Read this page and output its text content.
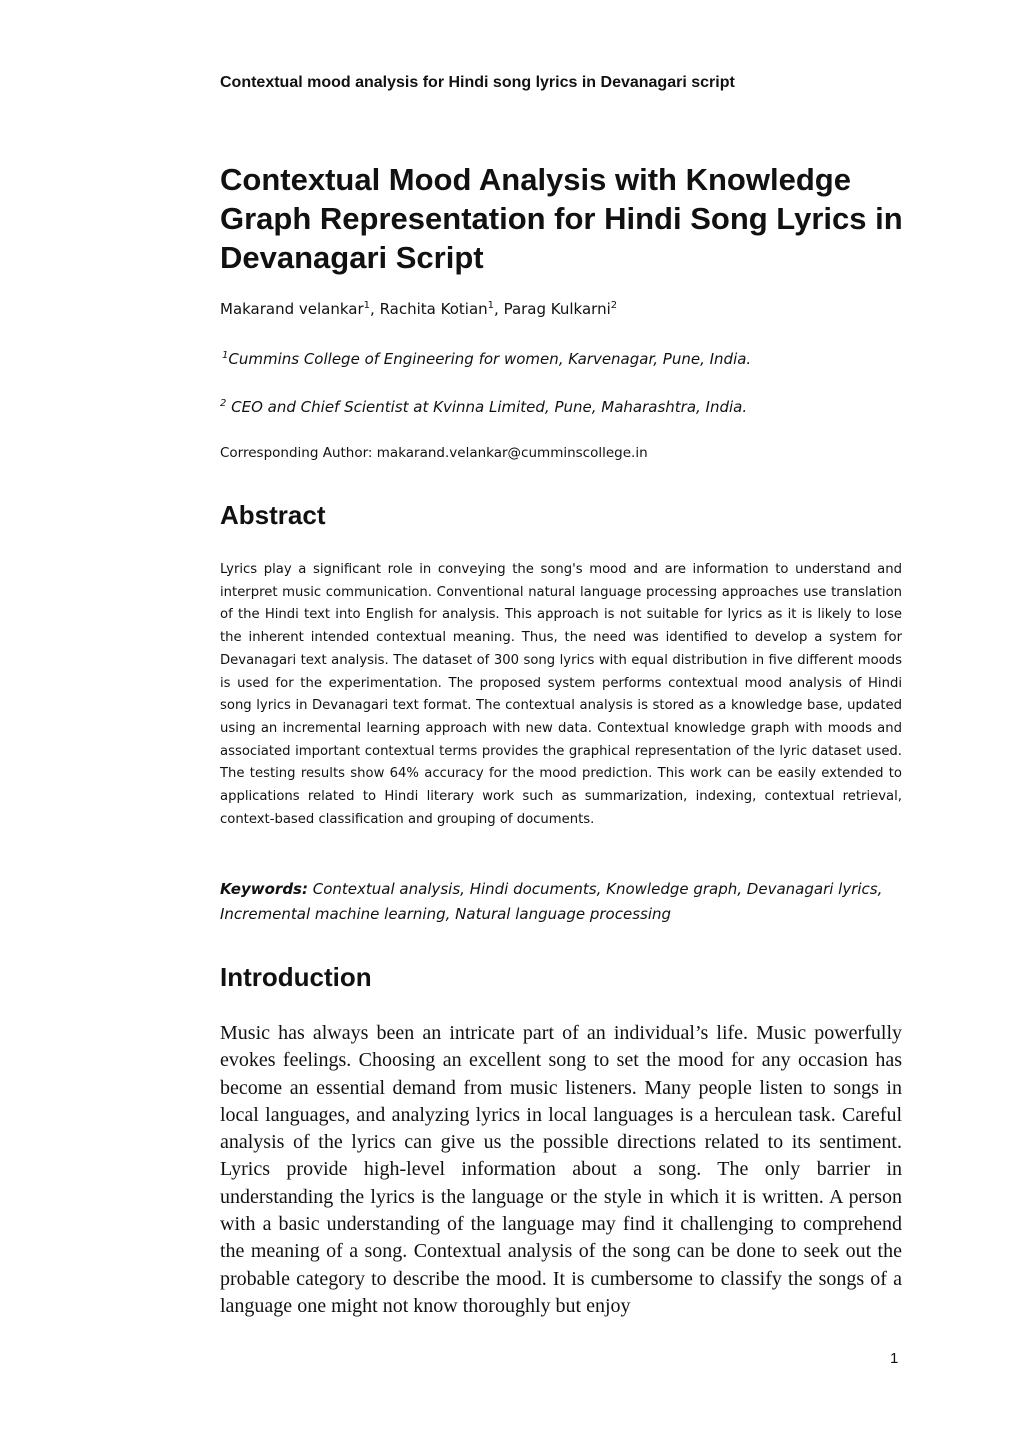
Contextual mood analysis for Hindi song lyrics in Devanagari script
Contextual Mood Analysis with Knowledge Graph Representation for Hindi Song Lyrics in Devanagari Script
Makarand velankar$^1$, Rachita Kotian$^1$, Parag Kulkarni$^2$
$^1$Cummins College of Engineering for women, Karvenagar, Pune, India.
$^2$ CEO and Chief Scientist at Kvinna Limited, Pune, Maharashtra, India.
Corresponding Author: makarand.velankar@cumminscollege.in
Abstract

Lyrics play a significant role in conveying the song's mood and are information to understand and interpret music communication. Conventional natural language processing approaches use translation of the Hindi text into English for analysis. This approach is not suitable for lyrics as it is likely to lose the inherent intended contextual meaning. Thus, the need was identified to develop a system for Devanagari text analysis. The dataset of 300 song lyrics with equal distribution in five different moods is used for the experimentation. The proposed system performs contextual mood analysis of Hindi song lyrics in Devanagari text format. The contextual analysis is stored as a knowledge base, updated using an incremental learning approach with new data. Contextual knowledge graph with moods and associated important contextual terms provides the graphical representation of the lyric dataset used. The testing results show 64% accuracy for the mood prediction. This work can be easily extended to applications related to Hindi literary work such as summarization, indexing, contextual retrieval, context-based classification and grouping of documents.

Keywords: Contextual analysis, Hindi documents, Knowledge graph, Devanagari lyrics, Incremental machine learning, Natural language processing

Introduction

Music has always been an intricate part of an individual’s life. Music powerfully evokes feelings. Choosing an excellent song to set the mood for any occasion has become an essential demand from music listeners. Many people listen to songs in local languages, and analyzing lyrics in local languages is a herculean task. Careful analysis of the lyrics can give us the possible directions related to its sentiment. Lyrics provide high-level information about a song. The only barrier in understanding the lyrics is the language or the style in which it is written. A person with a basic understanding of the language may find it challenging to comprehend the meaning of a song. Contextual analysis of the song can be done to seek out the probable category to describe the mood. It is cumbersome to classify the songs of a language one might not know thoroughly but enjoy

1
